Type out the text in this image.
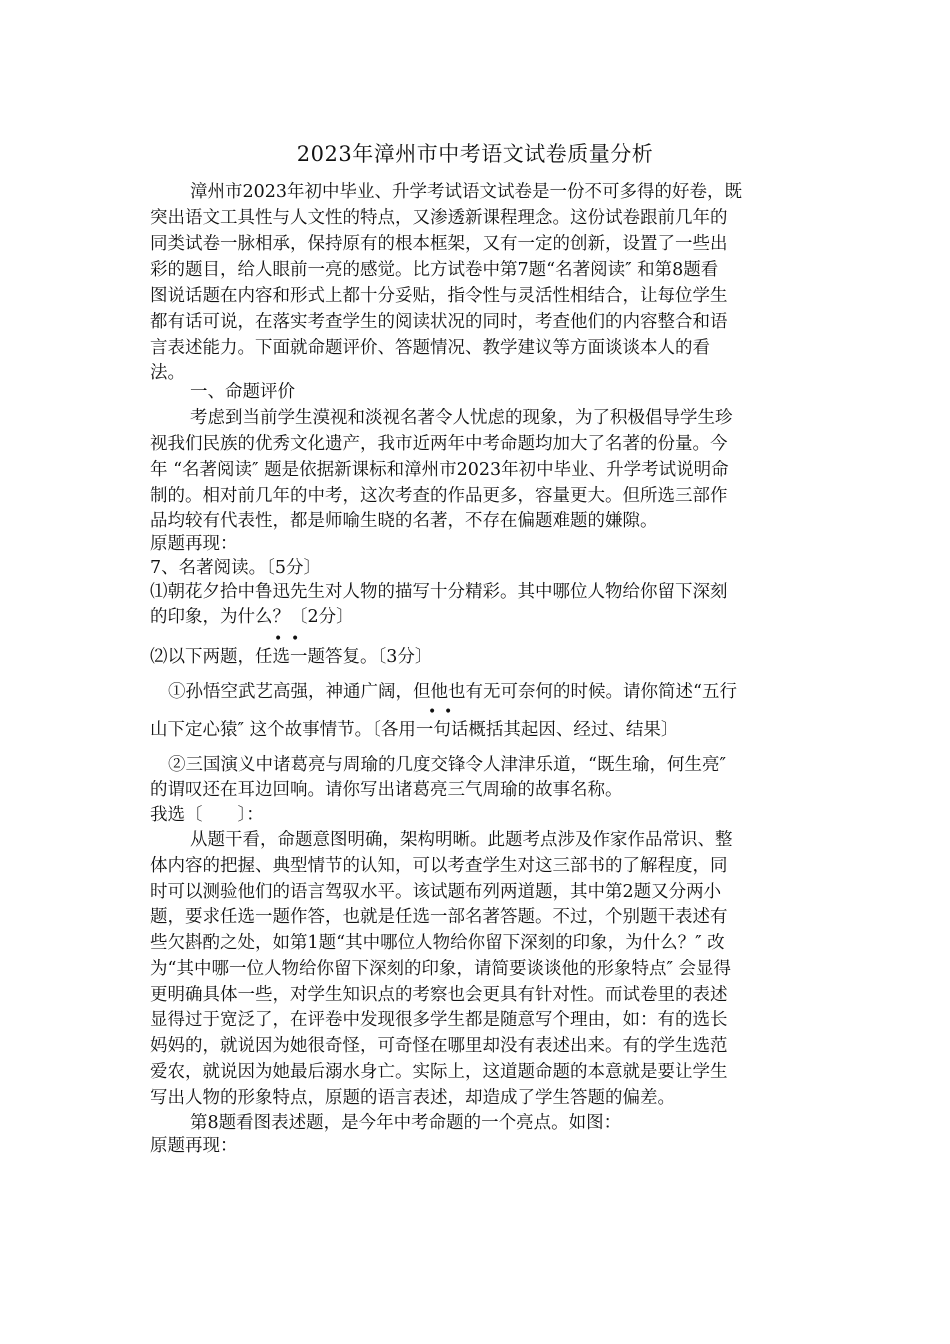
2023年漳州市中考语文试卷质量分析
漳州市2023年初中毕业、升学考试语文试卷是一份不可多得的好卷，既
突出语文工具性与人文性的特点，又渗透新课程理念。这份试卷跟前几年的
同类试卷一脉相承，保持原有的根本框架，又有一定的创新，设置了一些出
彩的题目，给人眼前一亮的感觉。比方试卷中第7题“名著阅读″ 和第8题看
图说话题在内容和形式上都十分妥贴，指令性与灵活性相结合，让每位学生
都有话可说，在落实考查学生的阅读状况的同时，考查他们的内容整合和语
言表述能力。下面就命题评价、答题情况、教学建议等方面谈谈本人的看
法。
一、命题评价
考虑到当前学生漠视和淡视名著令人忧虑的现象，为了积极倡导学生珍
视我们民族的优秀文化遗产，我市近两年中考命题均加大了名著的份量。今
年 “名著阅读″ 题是依据新课标和漳州市2023年初中毕业、升学考试说明命
制的。相对前几年的中考，这次考查的作品更多，容量更大。但所选三部作
品均较有代表性，都是师喻生晓的名著，不存在偏题难题的嫌隙。
原题再现：
7、名著阅读。〔5分〕
⑴朝花夕拾中鲁迅先生对人物的描写十分精彩。其中哪位人物给你留下深刻
的印象，为什么？〔2分〕
• •
⑵以下两题，任选一题答复。〔3分〕
①孙悟空武艺高强，神通广阔，但他也有无可奈何的时候。请你简述“五行
• •
山下定心猿″ 这个故事情节。〔各用一句话概括其起因、经过、结果〕
②三国演义中诸葛亮与周瑜的几度交锋令人津津乐道，“既生瑜，何生亮″
的谓叹还在耳边回响。请你写出诸葛亮三气周瑜的故事名称。
我选〔　　〕：
从题干看，命题意图明确，架构明晰。此题考点涉及作家作品常识、整
体内容的把握、典型情节的认知，可以考查学生对这三部书的了解程度，同
时可以测验他们的语言驾驭水平。该试题布列两道题，其中第2题又分两小
题，要求任选一题作答，也就是任选一部名著答题。不过，个别题干表述有
些欠斟酌之处，如第1题“其中哪位人物给你留下深刻的印象，为什么？″ 改
为“其中哪一位人物给你留下深刻的印象，请简要谈谈他的形象特点″ 会显得
更明确具体一些，对学生知识点的考察也会更具有针对性。而试卷里的表述
显得过于宽泛了，在评卷中发现很多学生都是随意写个理由，如：有的选长
妈妈的，就说因为她很奇怪，可奇怪在哪里却没有表述出来。有的学生选范
爱农，就说因为她最后溺水身亡。实际上，这道题命题的本意就是要让学生
写出人物的形象特点，原题的语言表述，却造成了学生答题的偏差。
第8题看图表述题，是今年中考命题的一个亮点。如图：
原题再现：
